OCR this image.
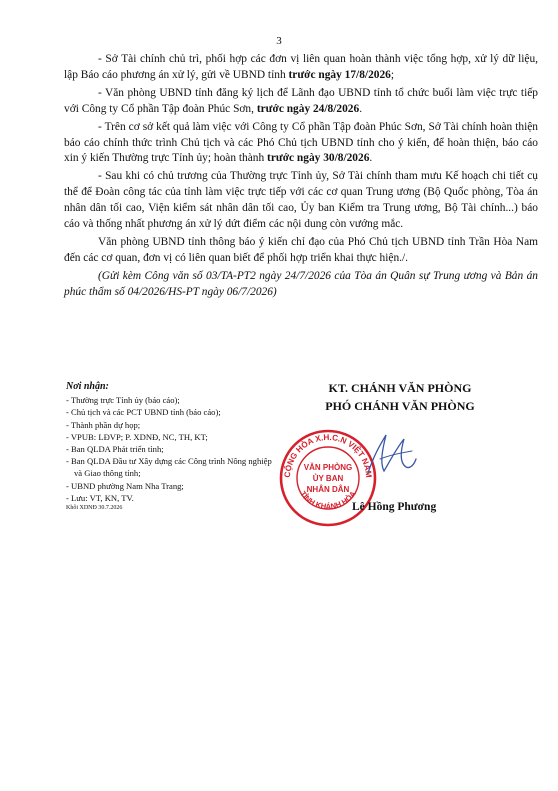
3

- Sở Tài chính chủ trì, phối hợp các đơn vị liên quan hoàn thành việc tổng hợp, xử lý dữ liệu, lập Báo cáo phương án xử lý, gửi về UBND tỉnh trước ngày 17/8/2026;

- Văn phòng UBND tỉnh đăng ký lịch để Lãnh đạo UBND tỉnh tổ chức buổi làm việc trực tiếp với Công ty Cổ phần Tập đoàn Phúc Sơn, trước ngày 24/8/2026.

- Trên cơ sở kết quả làm việc với Công ty Cổ phần Tập đoàn Phúc Sơn, Sở Tài chính hoàn thiện báo cáo chính thức trình Chủ tịch và các Phó Chủ tịch UBND tỉnh cho ý kiến, để hoàn thiện, báo cáo xin ý kiến Thường trực Tỉnh ủy; hoàn thành trước ngày 30/8/2026.

- Sau khi có chủ trương của Thường trực Tỉnh ủy, Sở Tài chính tham mưu Kế hoạch chi tiết cụ thể để Đoàn công tác của tỉnh làm việc trực tiếp với các cơ quan Trung ương (Bộ Quốc phòng, Tòa án nhân dân tối cao, Viện kiểm sát nhân dân tối cao, Ủy ban Kiểm tra Trung ương, Bộ Tài chính...) báo cáo và thống nhất phương án xử lý dứt điểm các nội dung còn vướng mắc.

Văn phòng UBND tỉnh thông báo ý kiến chỉ đạo của Phó Chủ tịch UBND tỉnh Trần Hòa Nam đến các cơ quan, đơn vị có liên quan biết để phối hợp triển khai thực hiện./.

(Gửi kèm Công văn số 03/TA-PT2 ngày 24/7/2026 của Tòa án Quân sự Trung ương và Bản án phúc thẩm số 04/2026/HS-PT ngày 06/7/2026)

Nơi nhận:
- Thường trực Tỉnh ủy (báo cáo);
- Chủ tịch và các PCT UBND tỉnh (báo cáo);
- Thành phần dự họp;
- VPUB: LĐVP; P. XDNĐ, NC, TH, KT;
- Ban QLDA Phát triển tỉnh;
- Ban QLDA Đầu tư Xây dựng các Công trình Nông nghiệp và Giao thông tỉnh;
- UBND phường Nam Nha Trang;
- Lưu: VT, KN, TV.
Khôi XDNĐ 30.7.2026
KT. CHÁNH VĂN PHÒNG
PHÓ CHÁNH VĂN PHÒNG
CỘNG HÒA X.H.C.N VIỆT NAM
TỈNH KHÁNH HÒA
VĂN PHÒNG
ỦY BAN
NHÂN DÂN
Lê Hồng Phương
